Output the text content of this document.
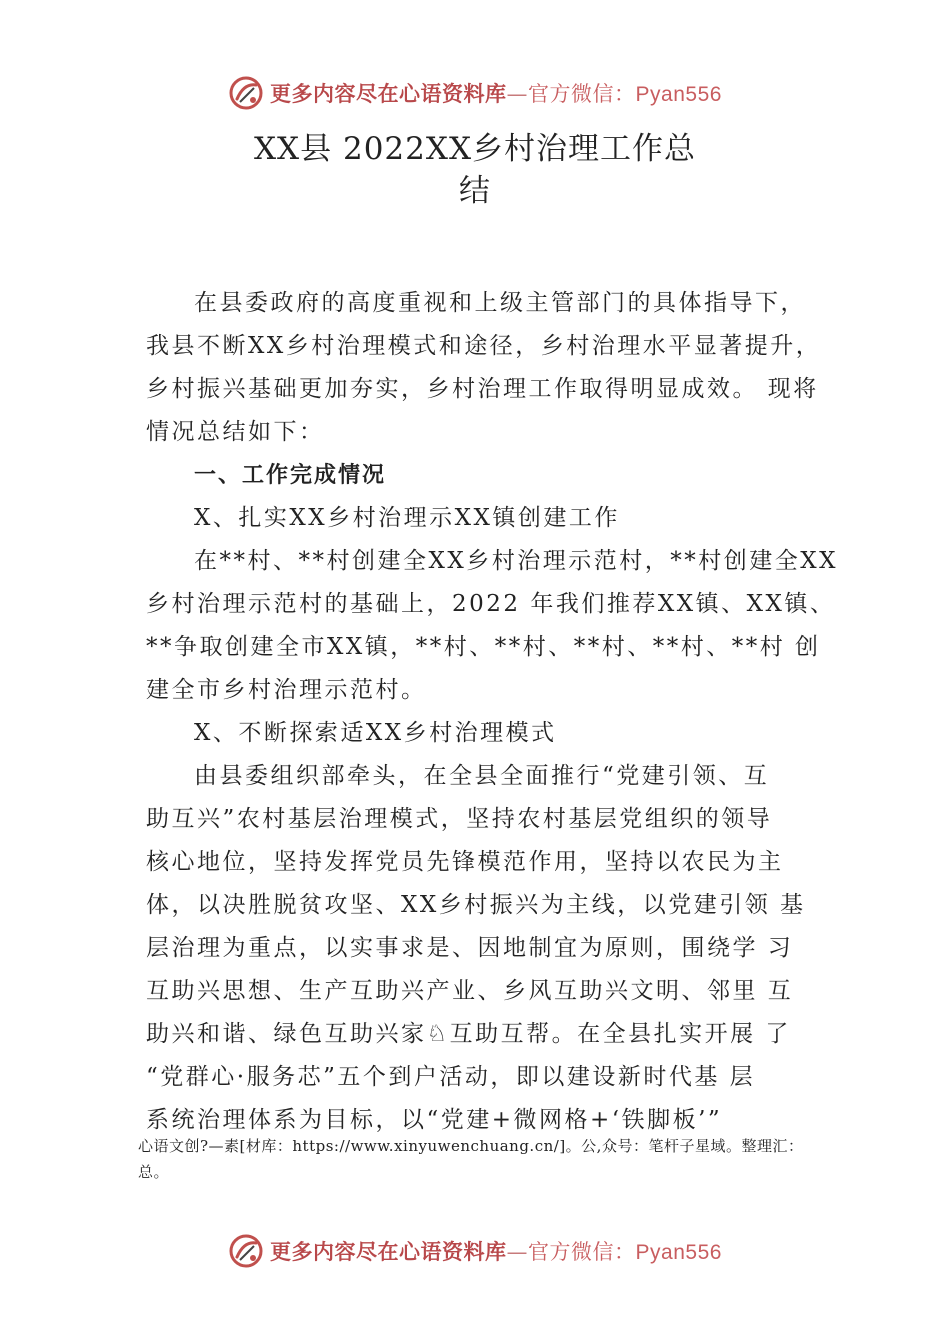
更多内容尽在心语资料库—官方微信：Pyan556
XX县 2022XX乡村治理工作总
结
在县委政府的高度重视和上级主管部门的具体指导下，
我县不断XX乡村治理模式和途径，乡村治理水平显著提升，
乡村振兴基础更加夯实，乡村治理工作取得明显成效。 现将
情况总结如下：
一、工作完成情况
X、扎实XX乡村治理示XX镇创建工作
在**村、**村创建全XX乡村治理示范村，**村创建全XX
乡村治理示范村的基础上，2022 年我们推荐XX镇、XX镇、
**争取创建全市XX镇，**村、**村、**村、**村、**村 创
建全市乡村治理示范村。
X、不断探索适XX乡村治理模式
由县委组织部牵头，在全县全面推行“党建引领、互
助互兴”农村基层治理模式，坚持农村基层党组织的领导
核心地位，坚持发挥党员先锋模范作用，坚持以农民为主
体，以决胜脱贫攻坚、XX乡村振兴为主线，以党建引领 基
层治理为重点，以实事求是、因地制宜为原则，围绕学 习
互助兴思想、生产互助兴产业、乡风互助兴文明、邻里 互
助兴和谐、绿色互助兴家♘互助互帮。在全县扎实开展 了
“党群心·服务芯”五个到户活动，即以建设新时代基 层
系统治理体系为目标，以“党建+微网格+‘铁脚板’”
心语文创?—素[材库：https://www.xinyuwenchuang.cn/]。公,众号：笔杆子星域。整理汇：
总。
更多内容尽在心语资料库—官方微信：Pyan556
